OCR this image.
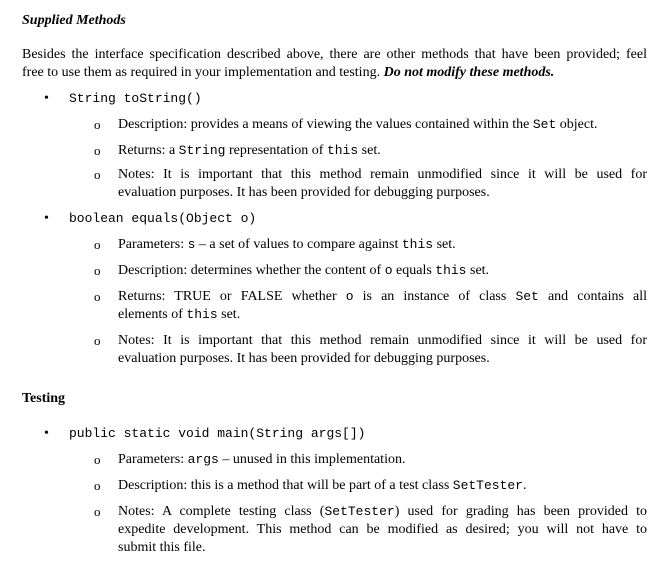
Supplied Methods
Besides the interface specification described above, there are other methods that have been provided; feel
free to use them as required in your implementation and testing. Do not modify these methods.
• String toString()
o Description: provides a means of viewing the values contained within the Set object.
o Returns: a String representation of this set.
o Notes: It is important that this method remain unmodified since it will be used for
evaluation purposes. It has been provided for debugging purposes.
• boolean equals(Object o)
o Parameters: s – a set of values to compare against this set.
o Description: determines whether the content of o equals this set.
o Returns: TRUE or FALSE whether o is an instance of class Set and contains all
elements of this set.
o Notes: It is important that this method remain unmodified since it will be used for
evaluation purposes. It has been provided for debugging purposes.
Testing
• public static void main(String args[])
o Parameters: args – unused in this implementation.
o Description: this is a method that will be part of a test class SetTester.
o Notes: A complete testing class (SetTester) used for grading has been provided to
expedite development. This method can be modified as desired; you will not have to
submit this file.
